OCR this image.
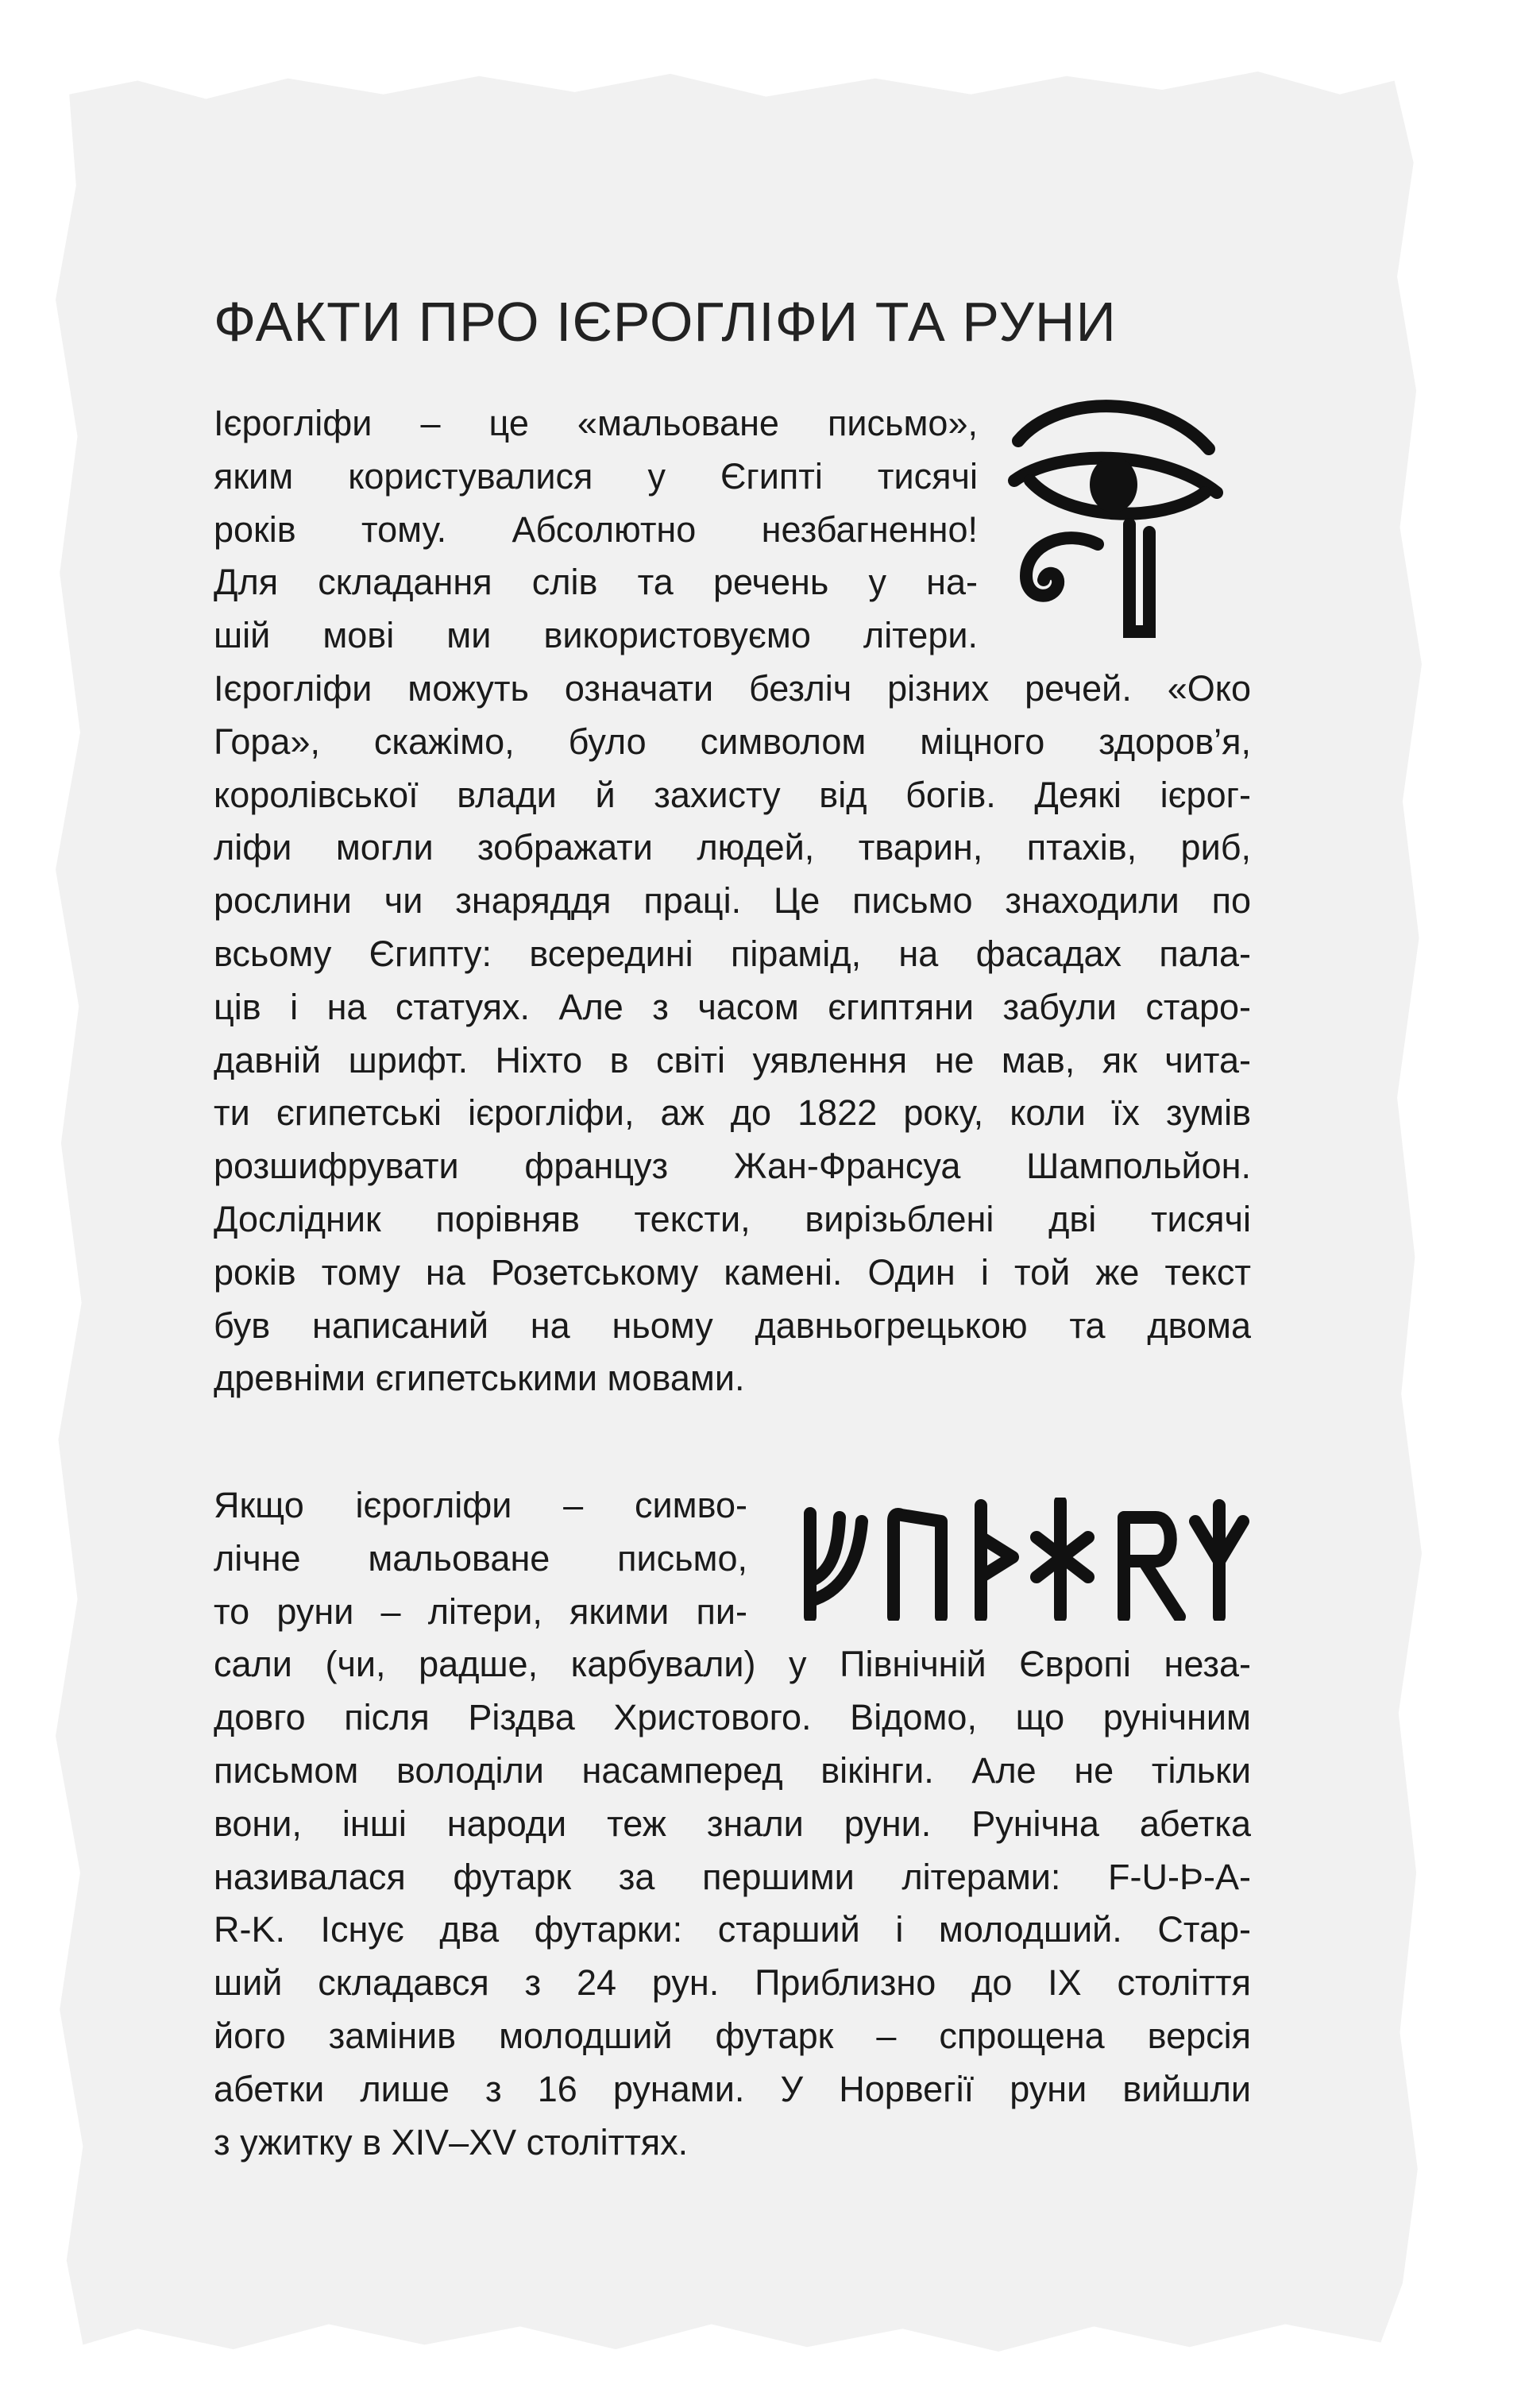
ФАКТИ ПРО ІЄРОГЛІФИ ТА РУНИ
Ієрогліфи – це «мальоване письмо»,
яким користувалися у Єгипті тисячі
років тому. Абсолютно незбагненно!
Для складання слів та речень у на-
шій мові ми використовуємо літери.
Ієрогліфи можуть означати безліч різних речей. «Око
Гора», скажімо, було символом міцного здоров’я,
королівської влади й захисту від богів. Деякі ієрог-
ліфи могли зображати людей, тварин, птахів, риб,
рослини чи знаряддя праці. Це письмо знаходили по
всьому Єгипту: всередині пірамід, на фасадах пала-
ців і на статуях. Але з часом єгиптяни забули старо-
давній шрифт. Ніхто в світі уявлення не мав, як чита-
ти єгипетські ієрогліфи, аж до 1822 року, коли їх зумів
розшифрувати француз Жан-Франсуа Шампольйон.
Дослідник порівняв тексти, вирізьблені дві тисячі
років тому на Розетському камені. Один і той же текст
був написаний на ньому давньогрецькою та двома
древніми єгипетськими мовами.
Якщо ієрогліфи – симво-
лічне мальоване письмо,
то руни – літери, якими пи-
сали (чи, радше, карбували) у Північній Європі неза-
довго після Різдва Христового. Відомо, що рунічним
письмом володіли насамперед вікінги. Але не тільки
вони, інші народи теж знали руни. Рунічна абетка
називалася футарк за першими літерами: F-U-Þ-A-
R-K. Існує два футарки: старший і молодший. Стар-
ший складався з 24 рун. Приблизно до IX століття
його замінив молодший футарк – спрощена версія
абетки лише з 16 рунами. У Норвегії руни вийшли
з ужитку в XIV–XV століттях.
